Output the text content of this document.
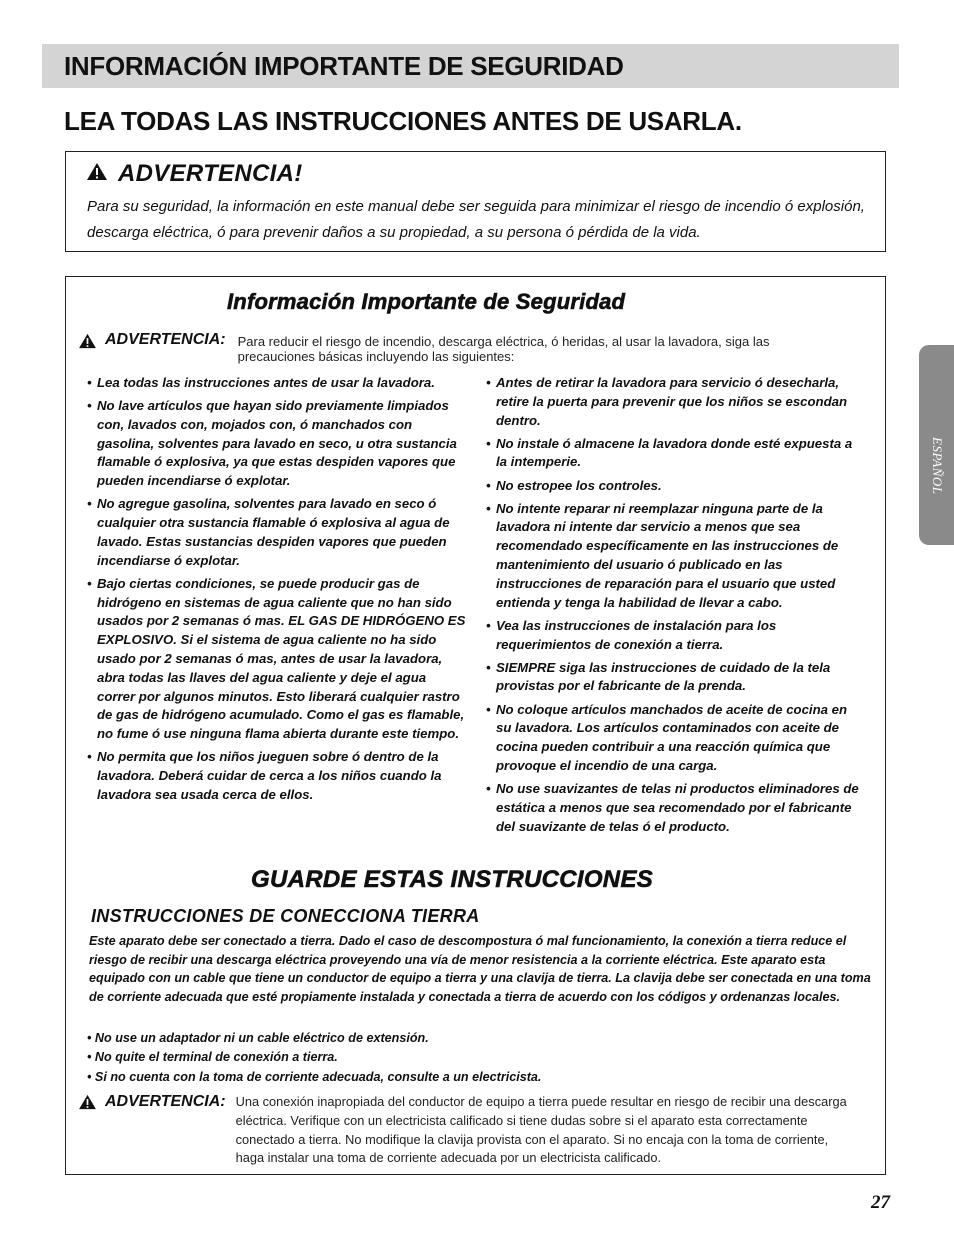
INFORMACIÓN IMPORTANTE DE SEGURIDAD
LEA TODAS LAS INSTRUCCIONES ANTES DE USARLA.
ADVERTENCIA!

Para su seguridad, la información en este manual debe ser seguida para minimizar el riesgo de incendio ó explosión, descarga eléctrica, ó para prevenir daños a su propiedad, a su persona ó pérdida de la vida.

Información Importante de Seguridad
ADVERTENCIA: Para reducir el riesgo de incendio, descarga eléctrica, ó heridas, al usar la lavadora, siga las precauciones básicas incluyendo las siguientes:
• Lea todas las instrucciones antes de usar la lavadora.
• No lave artículos que hayan sido previamente limpiados con, lavados con, mojados con, ó manchados con gasolina, solventes para lavado en seco, u otra sustancia flamable ó explosiva, ya que estas despiden vapores que pueden incendiarse ó explotar.
• No agregue gasolina, solventes para lavado en seco ó cualquier otra sustancia flamable ó explosiva al agua de lavado. Estas sustancias despiden vapores que pueden incendiarse ó explotar.
• Bajo ciertas condiciones, se puede producir gas de hidrógeno en sistemas de agua caliente que no han sido usados por 2 semanas ó mas. EL GAS DE HIDRÓGENO ES EXPLOSIVO. Si el sistema de agua caliente no ha sido usado por 2 semanas ó mas, antes de usar la lavadora, abra todas las llaves del agua caliente y deje el agua correr por algunos minutos. Esto liberará cualquier rastro de gas de hidrógeno acumulado. Como el gas es flamable, no fume ó use ninguna flama abierta durante este tiempo.
• No permita que los niños jueguen sobre ó dentro de la lavadora. Deberá cuidar de cerca a los niños cuando la lavadora sea usada cerca de ellos.
• Antes de retirar la lavadora para servicio ó desecharla, retire la puerta para prevenir que los niños se escondan dentro.
• No instale ó almacene la lavadora donde esté expuesta a la intemperie.
• No estropee los controles.
• No intente reparar ni reemplazar ninguna parte de la lavadora ni intente dar servicio a menos que sea recomendado específicamente en las instrucciones de mantenimiento del usuario ó publicado en las instrucciones de reparación para el usuario que usted entienda y tenga la habilidad de llevar a cabo.
• Vea las instrucciones de instalación para los requerimientos de conexión a tierra.
• SIEMPRE siga las instrucciones de cuidado de la tela provistas por el fabricante de la prenda.
• No coloque artículos manchados de aceite de cocina en su lavadora. Los artículos contaminados con aceite de cocina pueden contribuir a una reacción química que provoque el incendio de una carga.
• No use suavizantes de telas ni productos eliminadores de estática a menos que sea recomendado por el fabricante del suavizante de telas ó el producto.
GUARDE ESTAS INSTRUCCIONES
INSTRUCCIONES DE CONECCIONA TIERRA

Este aparato debe ser conectado a tierra. Dado el caso de descompostura ó mal funcionamiento, la conexión a tierra reduce el riesgo de recibir una descarga eléctrica proveyendo una vía de menor resistencia a la corriente eléctrica. Este aparato esta equipado con un cable que tiene un conductor de equipo a tierra y una clavija de tierra. La clavija debe ser conectada en una toma de corriente adecuada que esté propiamente instalada y conectada a tierra de acuerdo con los códigos y ordenanzas locales.

• No use un adaptador ni un cable eléctrico de extensión.
• No quite el terminal de conexión a tierra.
• Si no cuenta con la toma de corriente adecuada, consulte a un electricista.
ADVERTENCIA: Una conexión inapropiada del conductor de equipo a tierra puede resultar en riesgo de recibir una descarga eléctrica. Verifique con un electricista calificado si tiene dudas sobre si el aparato esta correctamente conectado a tierra. No modifique la clavija provista con el aparato. Si no encaja con la toma de corriente, haga instalar una toma de corriente adecuada por un electricista calificado.
ESPAÑOL

27
